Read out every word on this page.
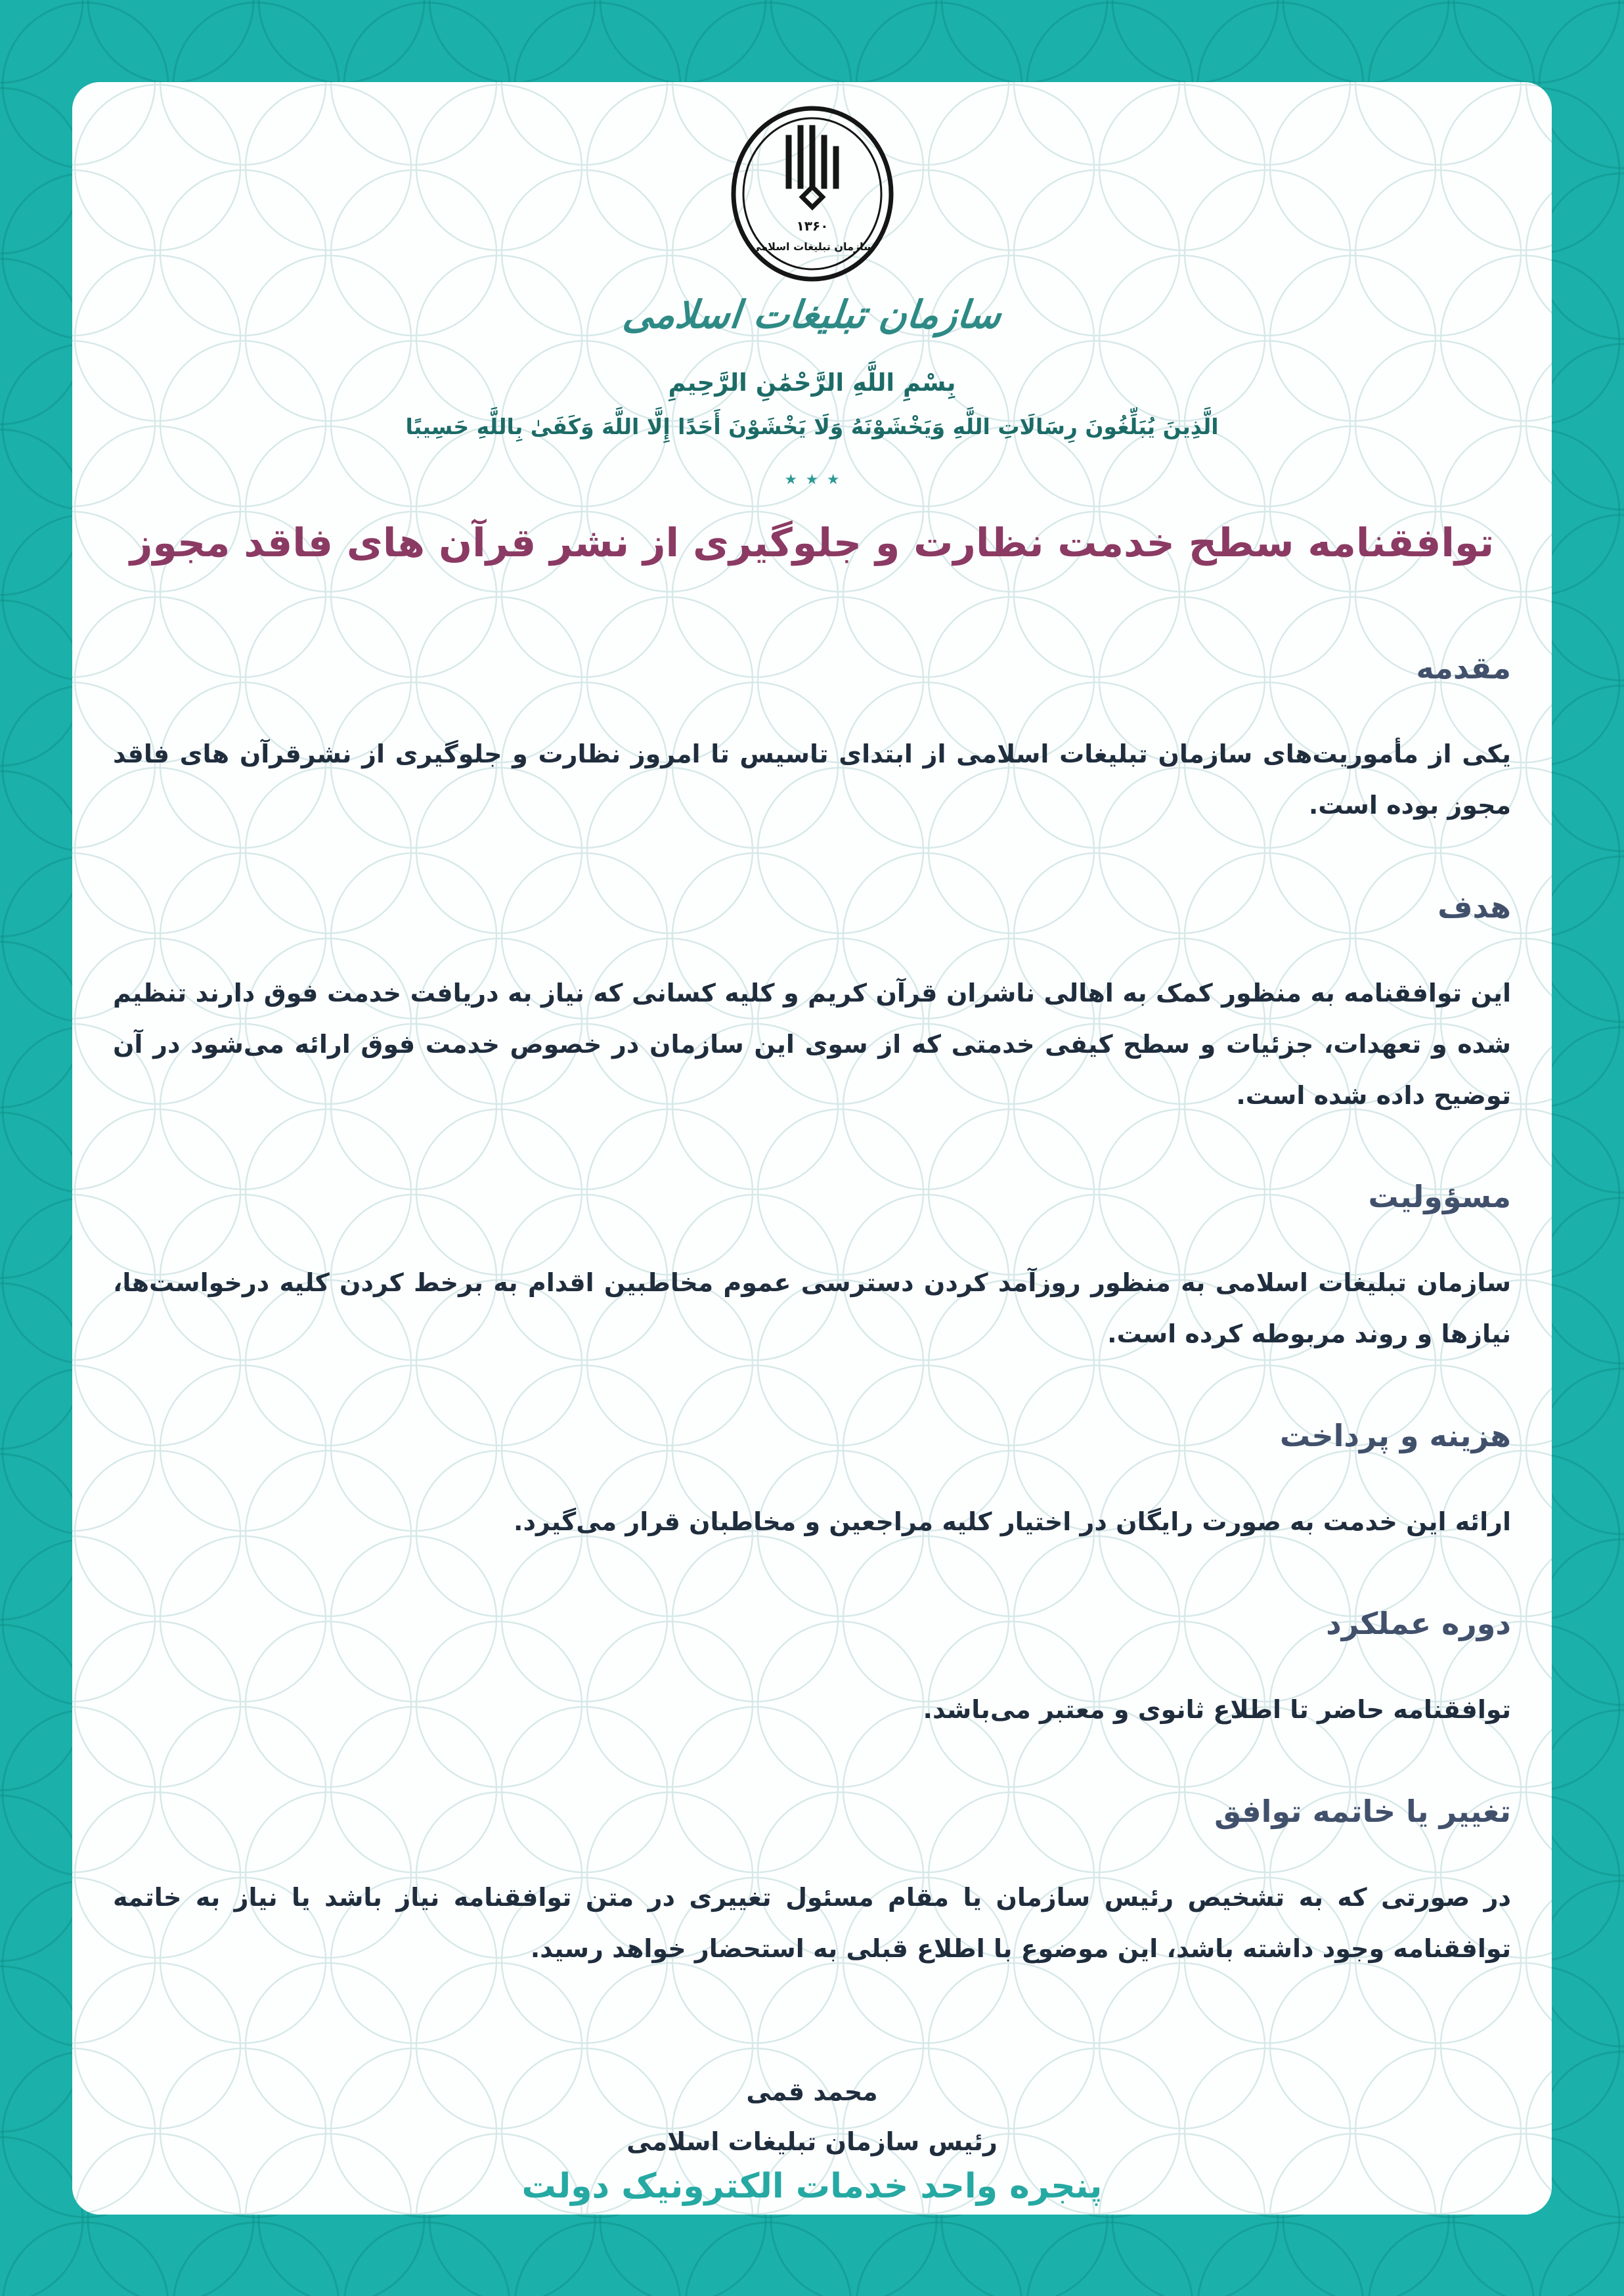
۱۳۶۰
سازمان تبلیغات اسلامی
سازمان تبلیغات اسلامی
بِسْمِ اللَّهِ الرَّحْمَٰنِ الرَّحِيمِ
الَّذِينَ يُبَلِّغُونَ رِسَالَاتِ اللَّهِ وَيَخْشَوْنَهُ وَلَا يَخْشَوْنَ أَحَدًا إِلَّا اللَّهَ وَكَفَىٰ بِاللَّهِ حَسِيبًا
٭ ٭ ٭
توافقنامه سطح خدمت نظارت و جلوگیری از نشر قرآن های فاقد مجوز
مقدمه

یکی از مأموریت‌های سازمان تبلیغات اسلامی از ابتدای تاسیس تا امروز نظارت و جلوگیری از نشرقرآن های فاقد مجوز بوده است.

هدف

این توافقنامه به منظور کمک به اهالی ناشران قرآن کریم و کلیه کسانی که نیاز به دریافت خدمت فوق دارند تنظیم شده و تعهدات، جزئیات و سطح کیفی خدمتی که از سوی این سازمان در خصوص خدمت فوق ارائه می‌شود در آن توضیح داده شده است.

مسؤولیت

سازمان تبلیغات اسلامی به منظور روزآمد کردن دسترسی عموم مخاطبین اقدام به برخط کردن کلیه درخواست‌ها، نیازها و روند مربوطه کرده است.

هزینه و پرداخت

ارائه این خدمت به صورت رایگان در اختیار کلیه مراجعین و مخاطبان قرار می‌گیرد.

دوره عملکرد

توافقنامه حاضر تا اطلاع ثانوی و معتبر می‌باشد.

تغییر یا خاتمه توافق

در صورتی که به تشخیص رئیس سازمان یا مقام مسئول تغییری در متن توافقنامه نیاز باشد یا نیاز به خاتمه توافقنامه وجود داشته باشد، این موضوع با اطلاع قبلی به استحضار خواهد رسید.

محمد قمی
رئیس سازمان تبلیغات اسلامی
پنجره واحد خدمات الکترونیک دولت
